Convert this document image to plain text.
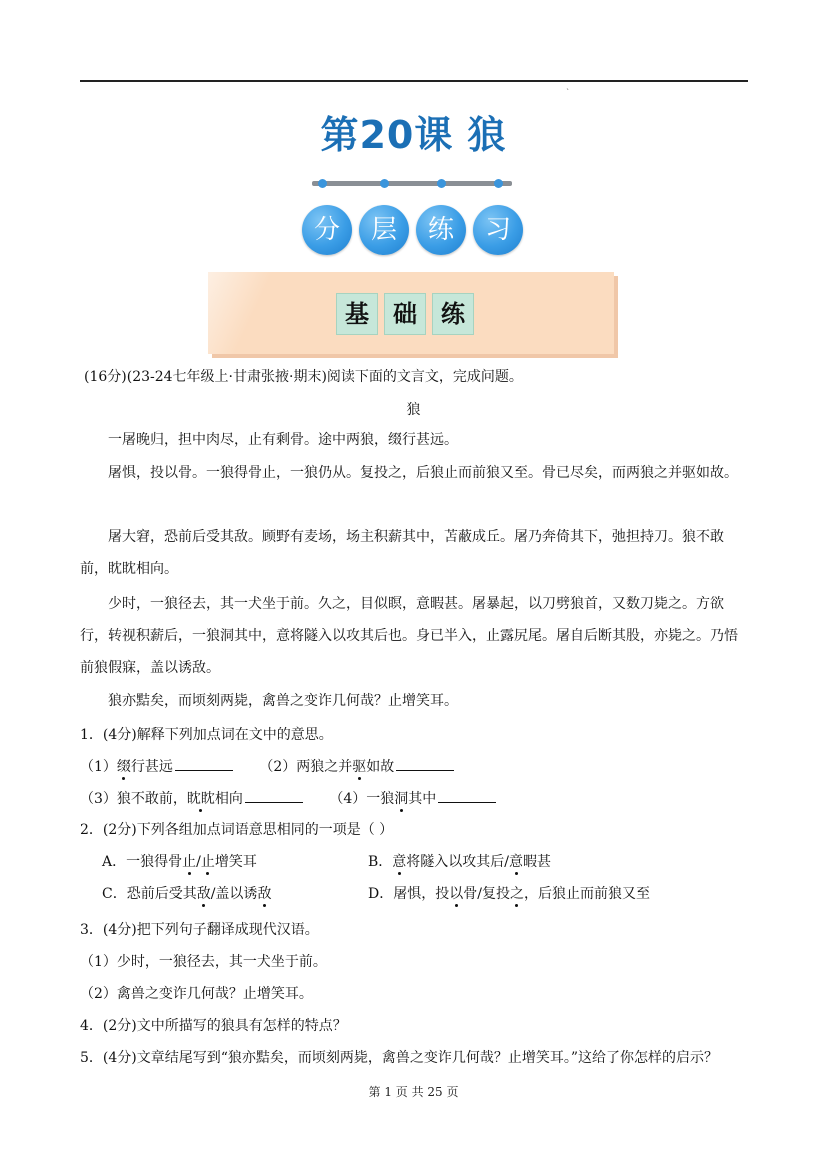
`
第20课 狼
分	层	练	习
基	础	练
(16分)(23-24七年级上·甘肃张掖·期末)阅读下面的文言文，完成问题。
狼
一屠晚归，担中肉尽，止有剩骨。途中两狼，缀行甚远。
屠惧，投以骨。一狼得骨止，一狼仍从。复投之，后狼止而前狼又至。骨已尽矣，而两狼之并驱如故。
屠大窘，恐前后受其敌。顾野有麦场，场主积薪其中，苫蔽成丘。屠乃奔倚其下，弛担持刀。狼不敢前，眈眈相向。
少时，一狼径去，其一犬坐于前。久之，目似瞑，意暇甚。屠暴起，以刀劈狼首，又数刀毙之。方欲行，转视积薪后，一狼洞其中，意将隧入以攻其后也。身已半入，止露尻尾。屠自后断其股，亦毙之。乃悟前狼假寐，盖以诱敌。
狼亦黠矣，而顷刻两毙，禽兽之变诈几何哉？止增笑耳。
1．(4分)解释下列加点词在文中的意思。
（1）缀行甚远	（2）两狼之并驱如故
（3）狼不敢前，眈眈相向	（4）一狼洞其中
2．(2分)下列各组加点词语意思相同的一项是（ ）
A．一狼得骨止/止增笑耳	B．意将隧入以攻其后/意暇甚
C．恐前后受其敌/盖以诱敌	D．屠惧，投以骨/复投之，后狼止而前狼又至
3．(4分)把下列句子翻译成现代汉语。
（1）少时，一狼径去，其一犬坐于前。
（2）禽兽之变诈几何哉？止增笑耳。
4．(2分)文中所描写的狼具有怎样的特点？
5．(4分)文章结尾写到“狼亦黠矣，而顷刻两毙，禽兽之变诈几何哉？止增笑耳。”这给了你怎样的启示？
第 1 页 共 25 页
